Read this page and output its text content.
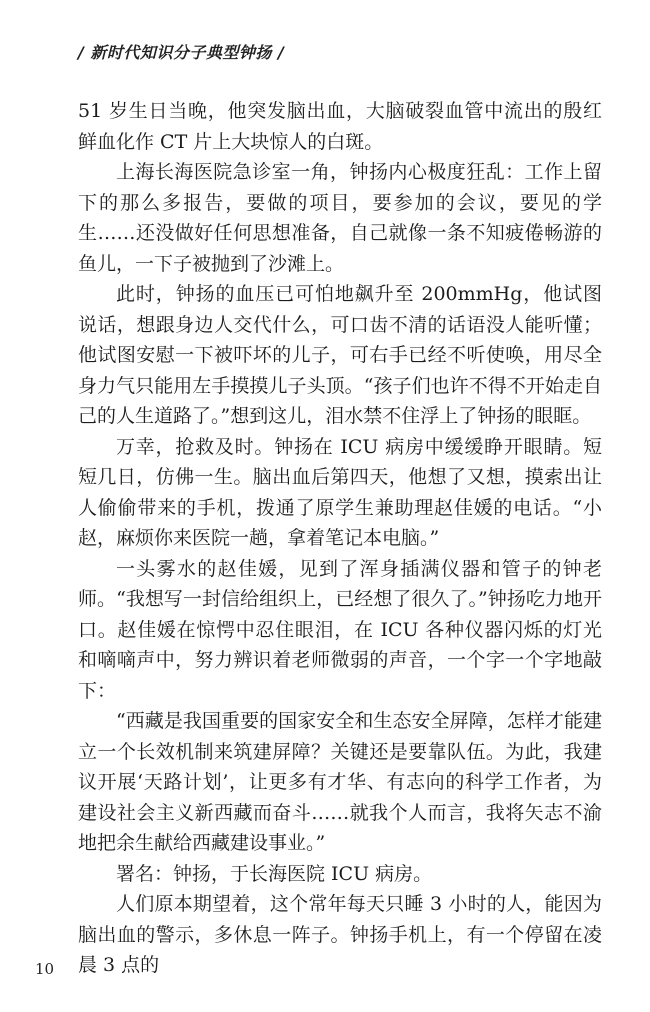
/ 新时代知识分子典型钟扬 /

51 岁生日当晚，他突发脑出血，大脑破裂血管中流出的殷红鲜血化作 CT 片上大块惊人的白斑。

上海长海医院急诊室一角，钟扬内心极度狂乱：工作上留下的那么多报告，要做的项目，要参加的会议，要见的学生……还没做好任何思想准备，自己就像一条不知疲倦畅游的鱼儿，一下子被抛到了沙滩上。

此时，钟扬的血压已可怕地飙升至 200mmHg，他试图说话，想跟身边人交代什么，可口齿不清的话语没人能听懂；他试图安慰一下被吓坏的儿子，可右手已经不听使唤，用尽全身力气只能用左手摸摸儿子头顶。“孩子们也许不得不开始走自己的人生道路了。”想到这儿，泪水禁不住浮上了钟扬的眼眶。

万幸，抢救及时。钟扬在 ICU 病房中缓缓睁开眼睛。短短几日，仿佛一生。脑出血后第四天，他想了又想，摸索出让人偷偷带来的手机，拨通了原学生兼助理赵佳媛的电话。“小赵，麻烦你来医院一趟，拿着笔记本电脑。”

一头雾水的赵佳媛，见到了浑身插满仪器和管子的钟老师。“我想写一封信给组织上，已经想了很久了。”钟扬吃力地开口。赵佳媛在惊愕中忍住眼泪，在 ICU 各种仪器闪烁的灯光和嘀嘀声中，努力辨识着老师微弱的声音，一个字一个字地敲下：

“西藏是我国重要的国家安全和生态安全屏障，怎样才能建立一个长效机制来筑建屏障？关键还是要靠队伍。为此，我建议开展‘天路计划’，让更多有才华、有志向的科学工作者，为建设社会主义新西藏而奋斗……就我个人而言，我将矢志不渝地把余生献给西藏建设事业。”

署名：钟扬，于长海医院 ICU 病房。

人们原本期望着，这个常年每天只睡 3 小时的人，能因为脑出血的警示，多休息一阵子。钟扬手机上，有一个停留在凌晨 3 点的

10
